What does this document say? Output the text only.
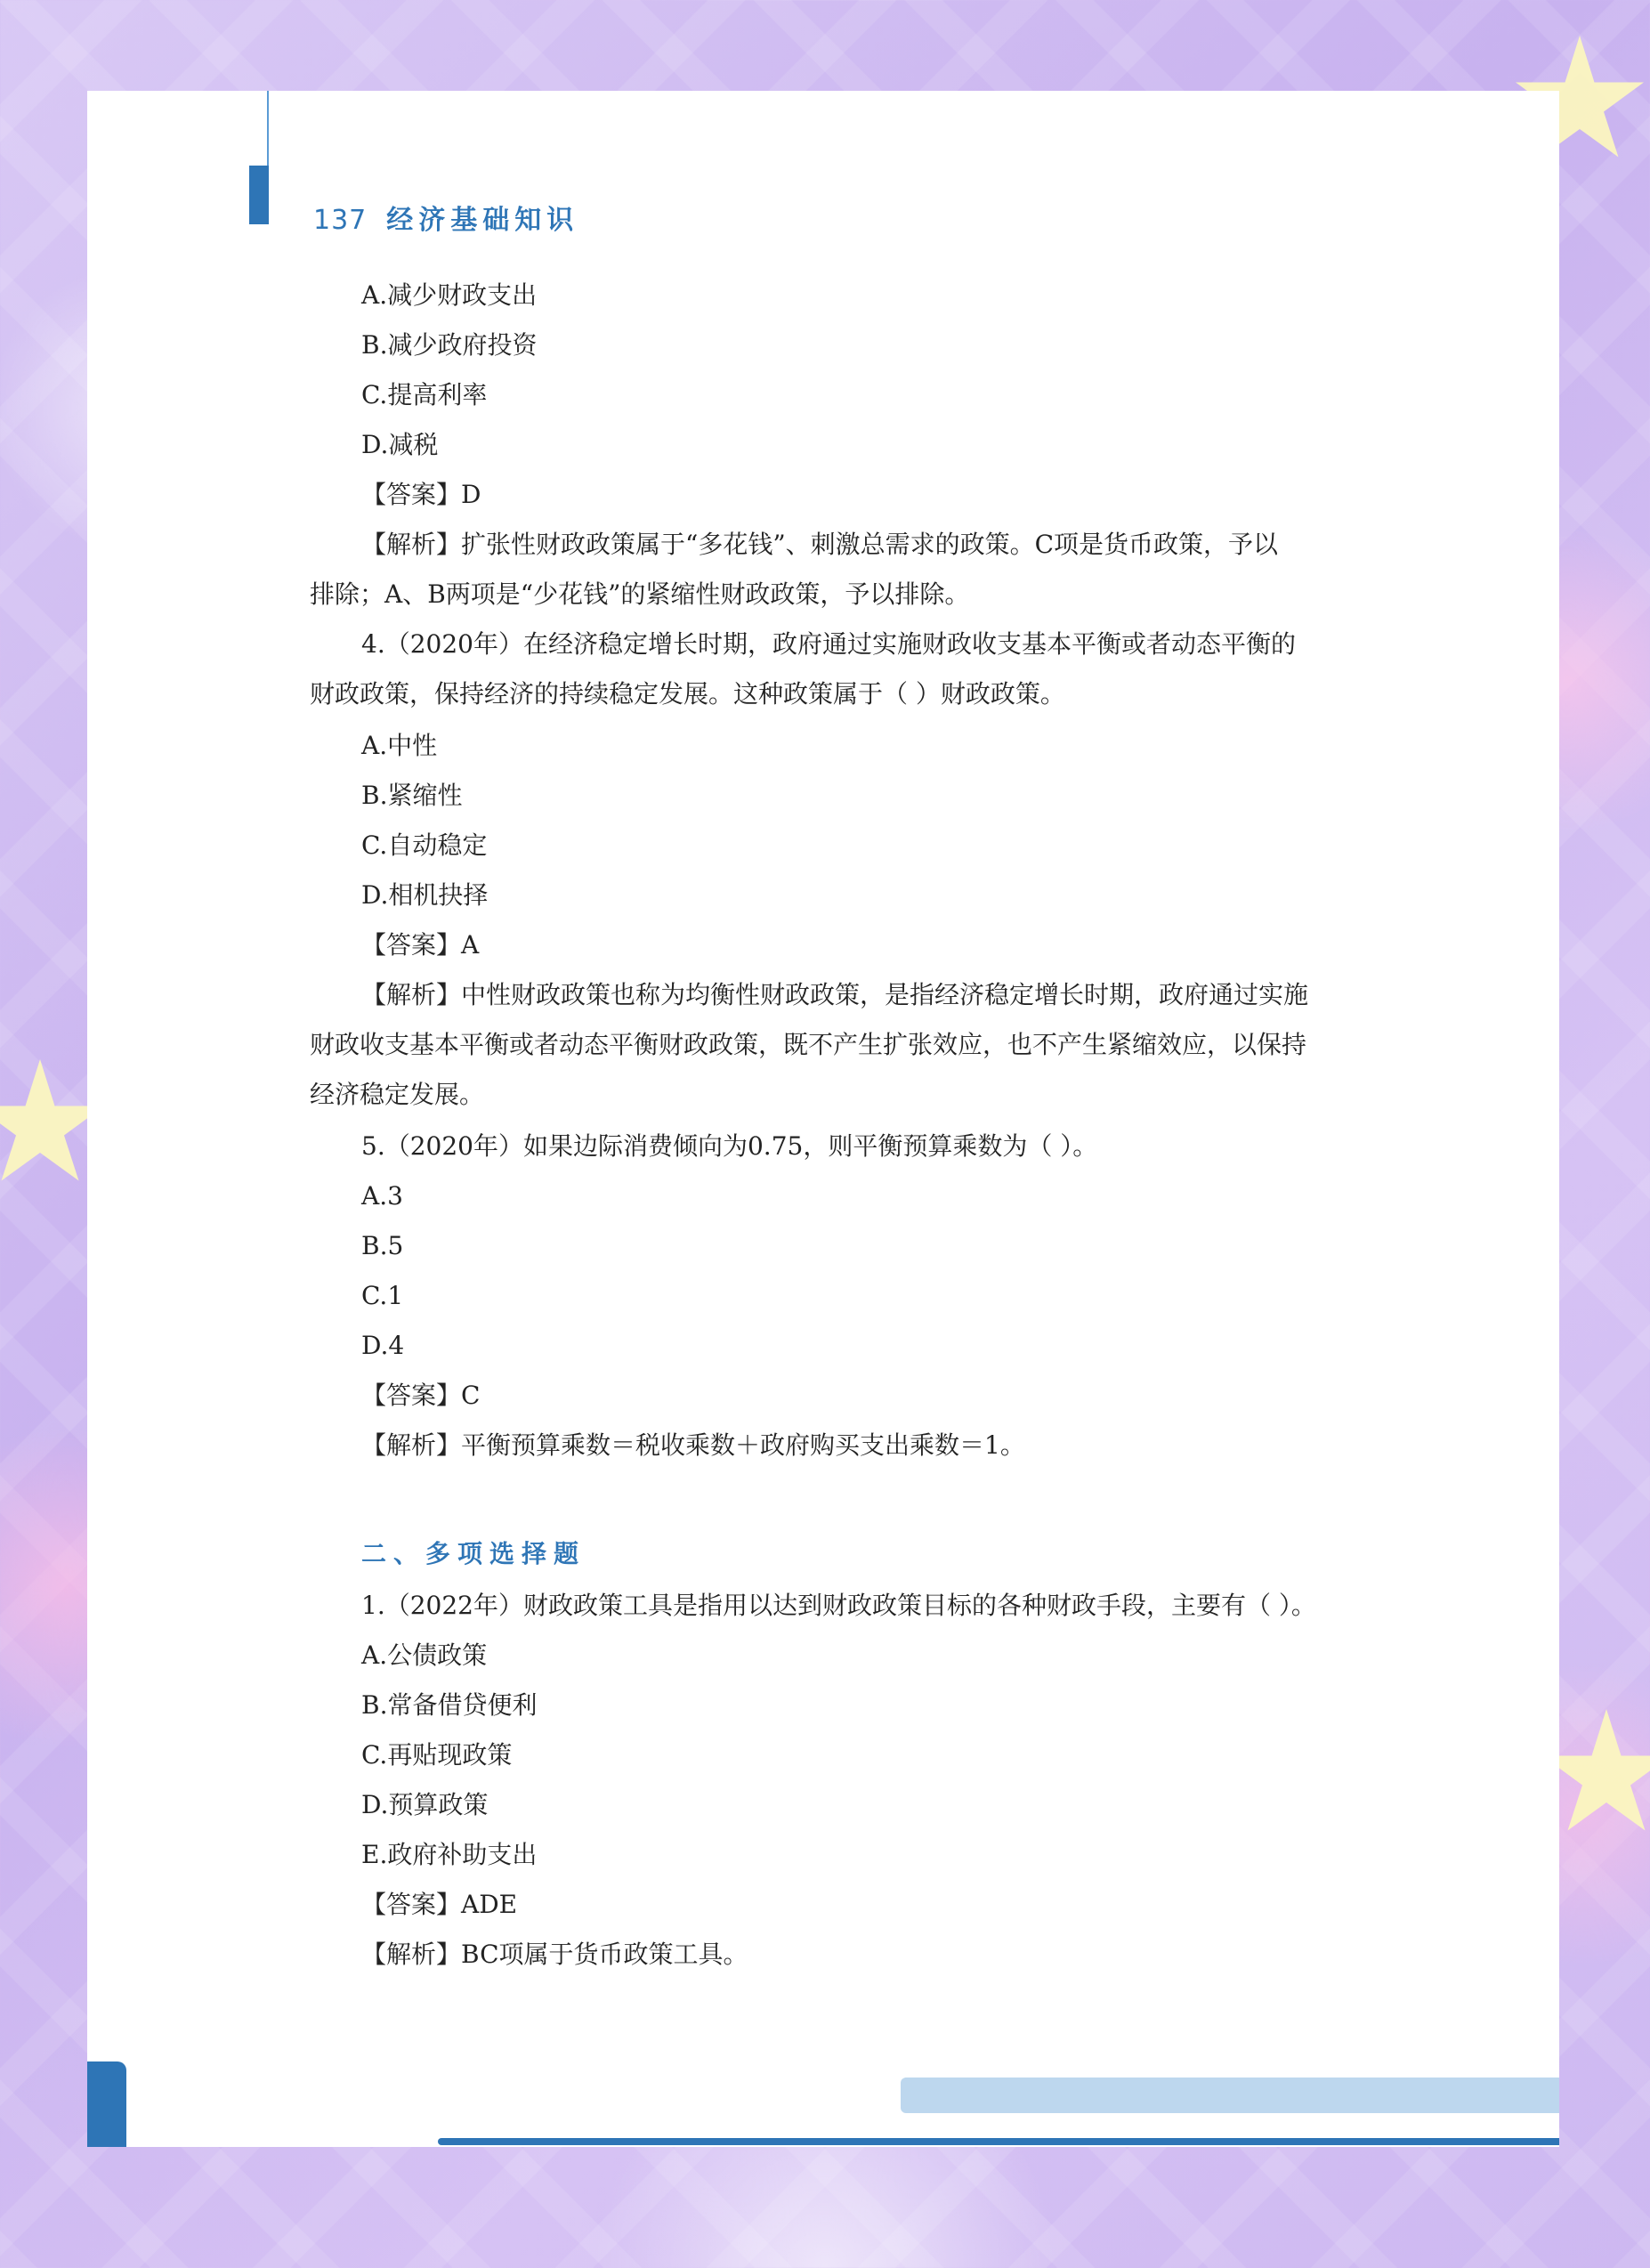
137 经济基础知识
A.减少财政支出
B.减少政府投资
C.提高利率
D.减税
【答案】D
【解析】扩张性财政政策属于“多花钱”、刺激总需求的政策。C项是货币政策，予以
排除；A、B两项是“少花钱”的紧缩性财政政策，予以排除。
4.（2020年）在经济稳定增长时期，政府通过实施财政收支基本平衡或者动态平衡的
财政政策，保持经济的持续稳定发展。这种政策属于（ ）财政政策。
A.中性
B.紧缩性
C.自动稳定
D.相机抉择
【答案】A
【解析】中性财政政策也称为均衡性财政政策，是指经济稳定增长时期，政府通过实施
财政收支基本平衡或者动态平衡财政政策，既不产生扩张效应，也不产生紧缩效应，以保持
经济稳定发展。
5.（2020年）如果边际消费倾向为0.75，则平衡预算乘数为（ ）。
A.3
B.5
C.1
D.4
【答案】C
【解析】平衡预算乘数＝税收乘数＋政府购买支出乘数＝1。
二、多项选择题
1.（2022年）财政政策工具是指用以达到财政政策目标的各种财政手段，主要有（ ）。
A.公债政策
B.常备借贷便利
C.再贴现政策
D.预算政策
E.政府补助支出
【答案】ADE
【解析】BC项属于货币政策工具。
